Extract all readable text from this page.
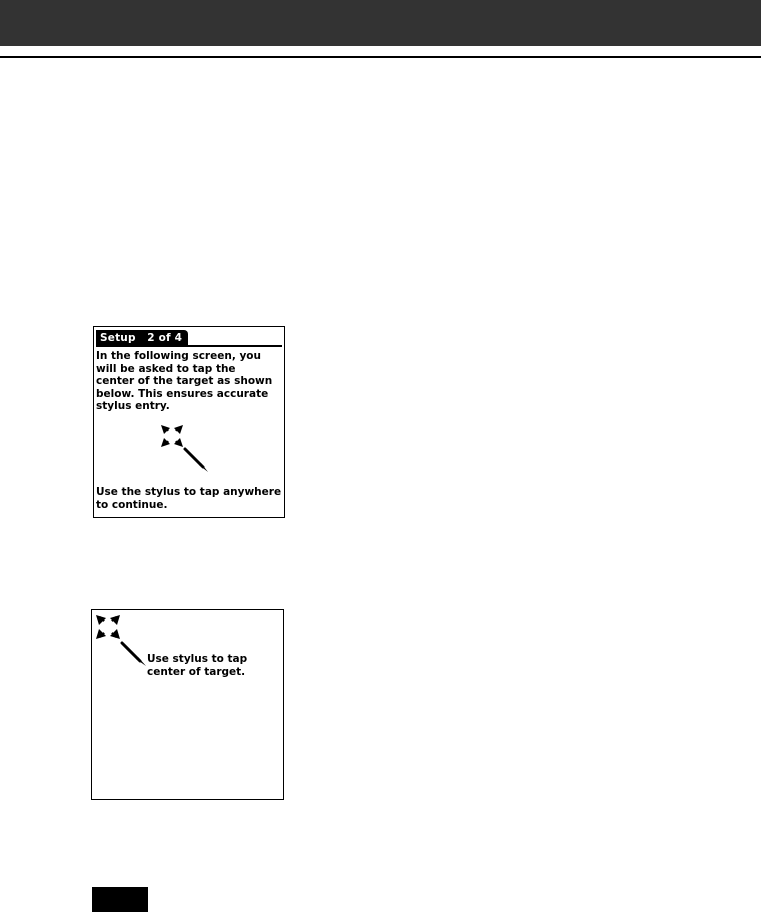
Setup   2 of 4
In the following screen, you
will be asked to tap the
center of the target as shown
below. This ensures accurate
stylus entry.
Use the stylus to tap anywhere
to continue.
Use stylus to tap
center of target.
